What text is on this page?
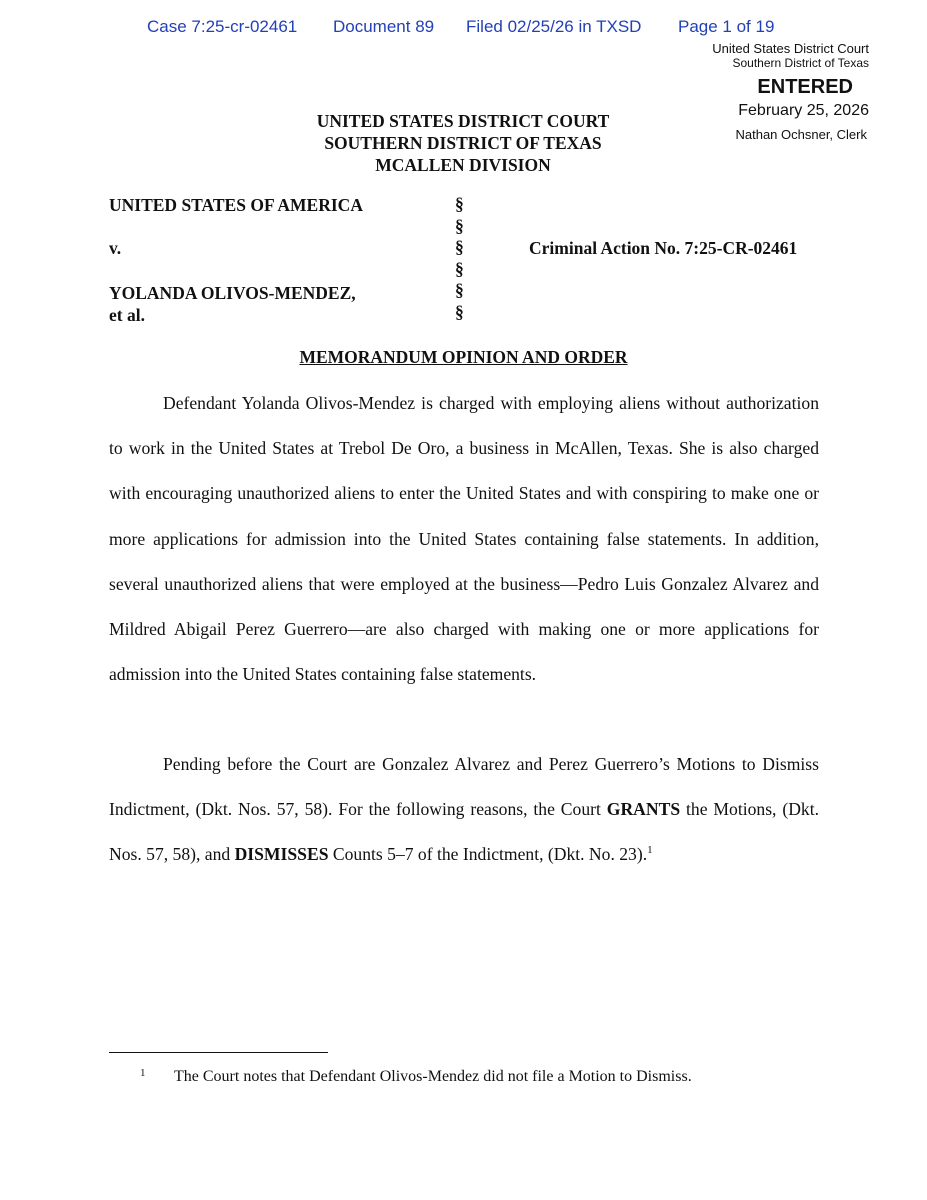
Case 7:25-cr-02461 Document 89 Filed 02/25/26 in TXSD Page 1 of 19
United States District Court
Southern District of Texas
ENTERED
February 25, 2026
Nathan Ochsner, Clerk
UNITED STATES DISTRICT COURT
SOUTHERN DISTRICT OF TEXAS
MCALLEN DIVISION
UNITED STATES OF AMERICA
v.
YOLANDA OLIVOS-MENDEZ,
et al.
§
§
§
§
§
§
Criminal Action No. 7:25-CR-02461
MEMORANDUM OPINION AND ORDER

Defendant Yolanda Olivos-Mendez is charged with employing aliens without authorization to work in the United States at Trebol De Oro, a business in McAllen, Texas. She is also charged with encouraging unauthorized aliens to enter the United States and with conspiring to make one or more applications for admission into the United States containing false statements. In addition, several unauthorized aliens that were employed at the business—Pedro Luis Gonzalez Alvarez and Mildred Abigail Perez Guerrero—are also charged with making one or more applications for admission into the United States containing false statements.

Pending before the Court are Gonzalez Alvarez and Perez Guerrero’s Motions to Dismiss Indictment, (Dkt. Nos. 57, 58). For the following reasons, the Court GRANTS the Motions, (Dkt. Nos. 57, 58), and DISMISSES Counts 5–7 of the Indictment, (Dkt. No. 23).$^1$

1 The Court notes that Defendant Olivos-Mendez did not file a Motion to Dismiss.
